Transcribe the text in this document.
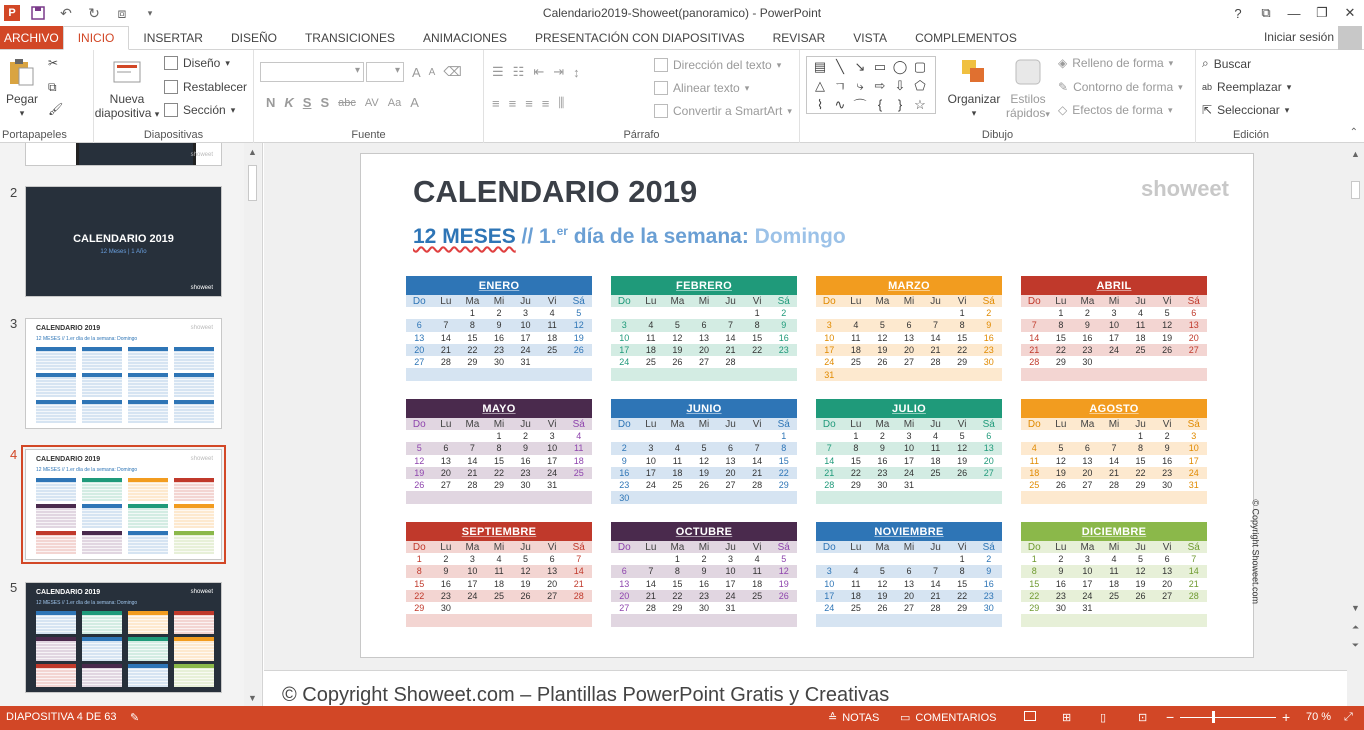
P	↶ ↻	⧈	▾	Calendario2019-Showeet(panoramico) - PowerPoint	?	⧉	—	❐	✕
ARCHIVO	INICIO	INSERTAR	DISEÑO	TRANSICIONES	ANIMACIONES	PRESENTACIÓN CON DIAPOSITIVAS	REVISAR	VISTA	COMPLEMENTOS	Iniciar sesión
Pegar
▾
✂
⧉
🖌
Portapapeles
Nueva
diapositiva ▾
Diseño ▾
Restablecer
Sección ▾
Diapositivas
▾
▾
A A ⌫
N K S S abc AV Aa A
Fuente
☰ ☷ ⇤ ⇥ ↕
≡ ≡ ≡ ≡ ⫼
Dirección del texto ▾
Alinear texto ▾
Convertir a SmartArt ▾
Párrafo
Organizar
▾
Estilos
rápidos▾
◈ Relleno de forma ▾
✎ Contorno de forma ▾
◇ Efectos de forma ▾
Dibujo
⌕ Buscar
ab Reemplazar ▾
⇱ Seleccionar ▾
Edición	⌃
▤ ╲ ↘ ▭ ◯ ▢
△ ㄱ ⤷ ⇨ ⇩ ⬠
⌇ ∿ ⌒ {	} ☆
showeet
2
CALENDARIO 2019
12 Meses | 1 Año
showeet
3	CALENDARIO 2019
12 MESES // 1.er día de la semana: Domingo
showeet
4	CALENDARIO 2019
12 MESES // 1.er día de la semana: Domingo
showeet
5	CALENDARIO 2019
12 MESES // 1.er día de la semana: Domingo
showeet
▲
▼
CALENDARIO 2019
12 MESES // 1.$^{er}$ día de la semana: Domingo
showeet
© Copyright Showeet.com
ENERO
Do	Lu	Ma	Mi	Ju	Vi	Sá
1	2	3	4	5
6	7	8	9	10	11	12
13	14	15	16	17	18	19
20	21	22	23	24	25	26
27	28	29	30	31
FEBRERO
Do	Lu	Ma	Mi	Ju	Vi	Sá
1	2
3	4	5	6	7	8	9
10	11	12	13	14	15	16
17	18	19	20	21	22	23
24	25	26	27	28
MARZO
Do	Lu	Ma	Mi	Ju	Vi	Sá
1	2
3	4	5	6	7	8	9
10	11	12	13	14	15	16
17	18	19	20	21	22	23
24	25	26	27	28	29	30
31
ABRIL
Do	Lu	Ma	Mi	Ju	Vi	Sá
1	2	3	4	5	6
7	8	9	10	11	12	13
14	15	16	17	18	19	20
21	22	23	24	25	26	27
28	29	30
MAYO
Do	Lu	Ma	Mi	Ju	Vi	Sá
1	2	3	4
5	6	7	8	9	10	11
12	13	14	15	16	17	18
19	20	21	22	23	24	25
26	27	28	29	30	31
JUNIO
Do	Lu	Ma	Mi	Ju	Vi	Sá
1
2	3	4	5	6	7	8
9	10	11	12	13	14	15
16	17	18	19	20	21	22
23	24	25	26	27	28	29
30
JULIO
Do	Lu	Ma	Mi	Ju	Vi	Sá
1	2	3	4	5	6
7	8	9	10	11	12	13
14	15	16	17	18	19	20
21	22	23	24	25	26	27
28	29	30	31
AGOSTO
Do	Lu	Ma	Mi	Ju	Vi	Sá
1	2	3
4	5	6	7	8	9	10
11	12	13	14	15	16	17
18	19	20	21	22	23	24
25	26	27	28	29	30	31
SEPTIEMBRE
Do	Lu	Ma	Mi	Ju	Vi	Sá
1	2	3	4	5	6	7
8	9	10	11	12	13	14
15	16	17	18	19	20	21
22	23	24	25	26	27	28
29	30
OCTUBRE
Do	Lu	Ma	Mi	Ju	Vi	Sá
1	2	3	4	5
6	7	8	9	10	11	12
13	14	15	16	17	18	19
20	21	22	23	24	25	26
27	28	29	30	31
NOVIEMBRE
Do	Lu	Ma	Mi	Ju	Vi	Sá
1	2
3	4	5	6	7	8	9
10	11	12	13	14	15	16
17	18	19	20	21	22	23
24	25	26	27	28	29	30
DICIEMBRE
Do	Lu	Ma	Mi	Ju	Vi	Sá
1	2	3	4	5	6	7
8	9	10	11	12	13	14
15	16	17	18	19	20	21
22	23	24	25	26	27	28
29	30	31
© Copyright Showeet.com – Plantillas PowerPoint Gratis y Creativas
▲
▼
⏶
⏷
DIAPOSITIVA 4 DE 63 ✎	≙ NOTAS ▭ COMENTARIOS	⊞	▯	⊡ −	+ 70 % ⤢
